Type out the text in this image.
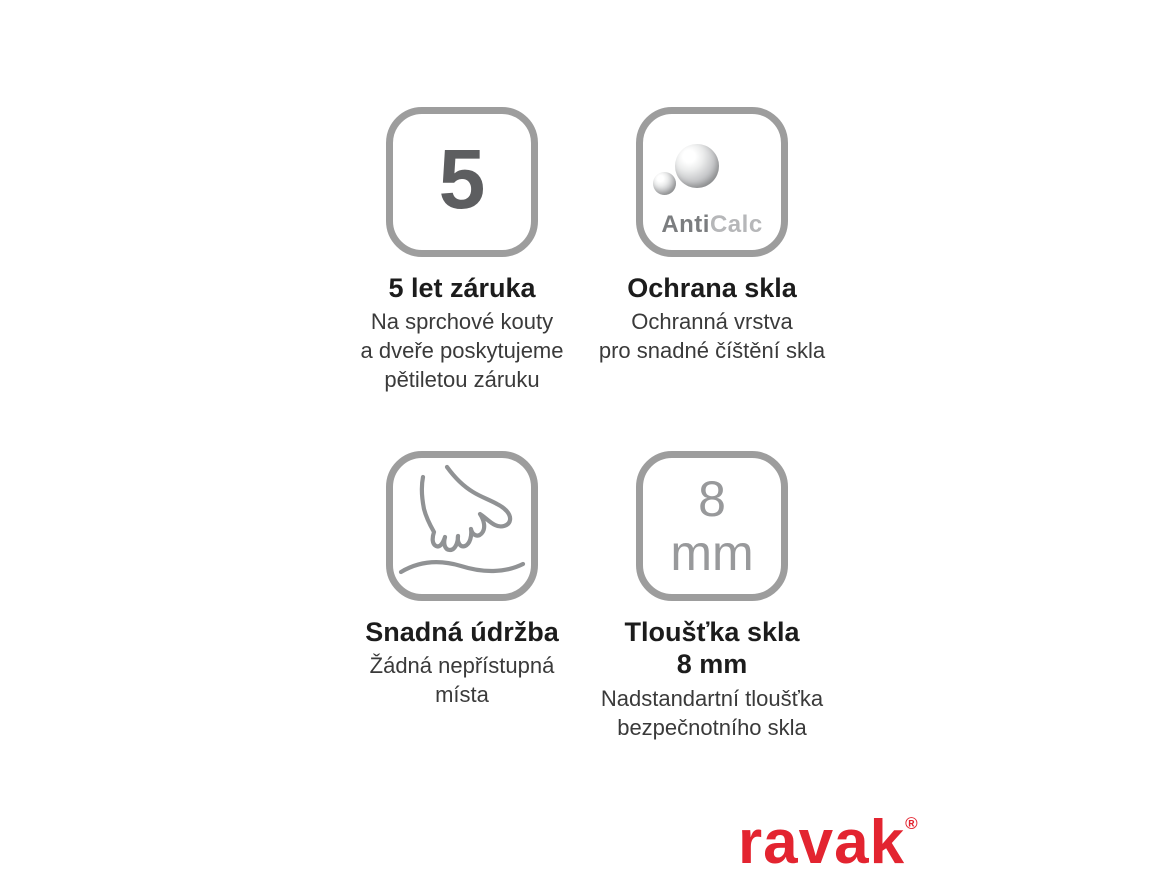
5
5 let záruka
Na sprchové kouty
a dveře poskytujeme
pětiletou záruku
AntiCalc
Ochrana skla
Ochranná vrstva
pro snadné číštění skla
Snadná údržba
Žádná nepřístupná
místa
8
mm
Tloušťka skla
8 mm
Nadstandartní tloušťka
bezpečnotního skla
ravak®
